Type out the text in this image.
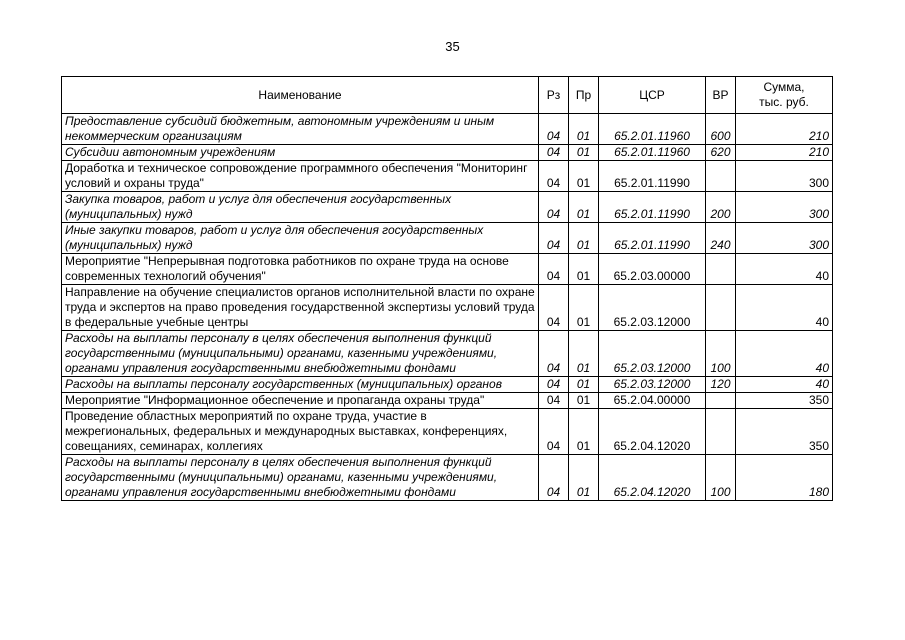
35
Наименование	Рз	Пр	ЦСР	ВР	Сумма, тыс. руб.
Предоставление субсидий бюджетным, автономным учреждениям и иным некоммерческим организациям	04	01	65.2.01.11960	600	210
Субсидии автономным учреждениям	04	01	65.2.01.11960	620	210
Доработка и техническое сопровождение программного обеспечения "Мониторинг условий и охраны труда"	04	01	65.2.01.11990		300
Закупка товаров, работ и услуг для обеспечения государственных (муниципальных) нужд	04	01	65.2.01.11990	200	300
Иные закупки товаров, работ и услуг для обеспечения государственных (муниципальных) нужд	04	01	65.2.01.11990	240	300
Мероприятие "Непрерывная подготовка работников по охране труда на основе современных технологий обучения"	04	01	65.2.03.00000		40
Направление на обучение специалистов органов исполнительной власти по охране труда и экспертов на право проведения государственной экспертизы условий труда в федеральные учебные центры	04	01	65.2.03.12000		40
Расходы на выплаты персоналу в целях обеспечения выполнения функций государственными (муниципальными) органами, казенными учреждениями, органами управления государственными внебюджетными фондами	04	01	65.2.03.12000	100	40
Расходы на выплаты персоналу государственных (муниципальных) органов	04	01	65.2.03.12000	120	40
Мероприятие "Информационное обеспечение и пропаганда охраны труда"	04	01	65.2.04.00000		350
Проведение областных мероприятий по охране труда, участие в межрегиональных, федеральных и международных выставках, конференциях, совещаниях, семинарах, коллегиях	04	01	65.2.04.12020		350
Расходы на выплаты персоналу в целях обеспечения выполнения функций государственными (муниципальными) органами, казенными учреждениями, органами управления государственными внебюджетными фондами	04	01	65.2.04.12020	100	180
